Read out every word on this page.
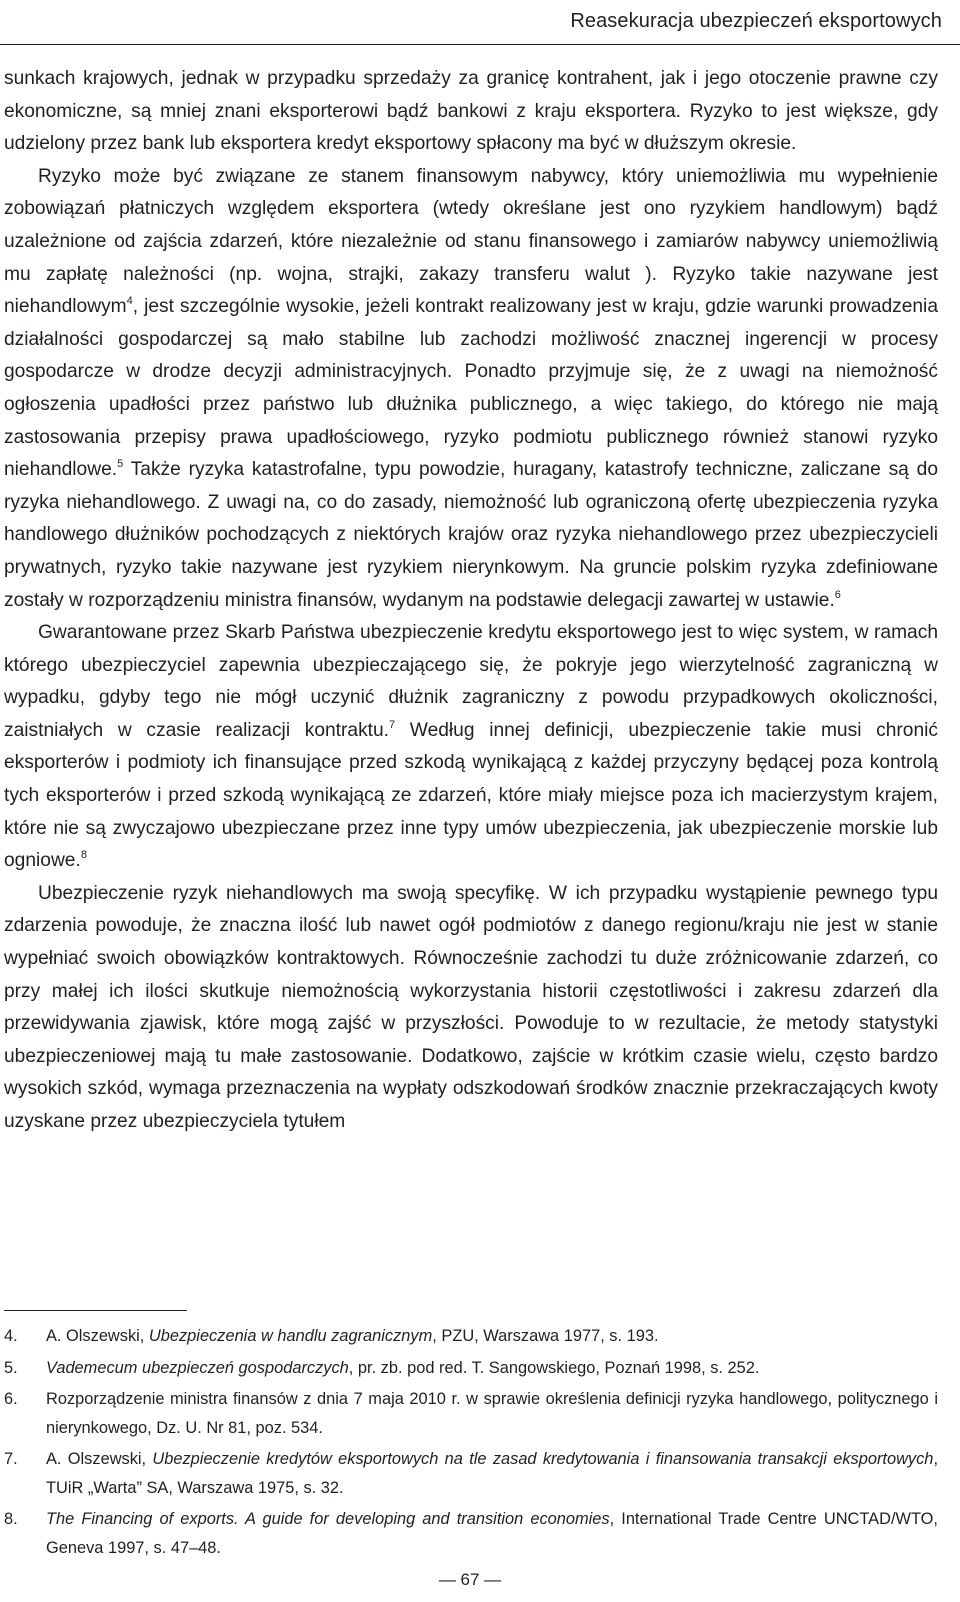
Reasekuracja ubezpieczeń eksportowych

sunkach krajowych, jednak w przypadku sprzedaży za granicę kontrahent, jak i jego otoczenie prawne czy ekonomiczne, są mniej znani eksporterowi bądź bankowi z kraju eksportera. Ryzyko to jest większe, gdy udzielony przez bank lub eksportera kredyt eksportowy spłacony ma być w dłuższym okresie.

Ryzyko może być związane ze stanem finansowym nabywcy, który uniemożliwia mu wypełnienie zobowiązań płatniczych względem eksportera (wtedy określane jest ono ryzykiem handlowym) bądź uzależnione od zajścia zdarzeń, które niezależnie od stanu finansowego i zamiarów nabywcy uniemożliwią mu zapłatę należności (np. wojna, strajki, zakazy transferu walut ). Ryzyko takie nazywane jest niehandlowym$^4$, jest szczególnie wysokie, jeżeli kontrakt realizowany jest w kraju, gdzie warunki prowadzenia działalności gospodarczej są mało stabilne lub zachodzi możliwość znacznej ingerencji w procesy gospodarcze w drodze decyzji administracyjnych. Ponadto przyjmuje się, że z uwagi na niemożność ogłoszenia upadłości przez państwo lub dłużnika publicznego, a więc takiego, do którego nie mają zastosowania przepisy prawa upadłościowego, ryzyko podmiotu publicznego również stanowi ryzyko niehandlowe.$^5$ Także ryzyka katastrofalne, typu powodzie, huragany, katastrofy techniczne, zaliczane są do ryzyka niehandlowego. Z uwagi na, co do zasady, niemożność lub ograniczoną ofertę ubezpieczenia ryzyka handlowego dłużników pochodzących z niektórych krajów oraz ryzyka niehandlowego przez ubezpieczycieli prywatnych, ryzyko takie nazywane jest ryzykiem nierynkowym. Na gruncie polskim ryzyka zdefiniowane zostały w rozporządzeniu ministra finansów, wydanym na podstawie delegacji zawartej w ustawie.$^6$

Gwarantowane przez Skarb Państwa ubezpieczenie kredytu eksportowego jest to więc system, w ramach którego ubezpieczyciel zapewnia ubezpieczającego się, że pokryje jego wierzytelność zagraniczną w wypadku, gdyby tego nie mógł uczynić dłużnik zagraniczny z powodu przypadkowych okoliczności, zaistniałych w czasie realizacji kontraktu.$^7$ Według innej definicji, ubezpieczenie takie musi chronić eksporterów i podmioty ich finansujące przed szkodą wynikającą z każdej przyczyny będącej poza kontrolą tych eksporterów i przed szkodą wynikającą ze zdarzeń, które miały miejsce poza ich macierzystym krajem, które nie są zwyczajowo ubezpieczane przez inne typy umów ubezpieczenia, jak ubezpieczenie morskie lub ogniowe.$^8$

Ubezpieczenie ryzyk niehandlowych ma swoją specyfikę. W ich przypadku wystąpienie pewnego typu zdarzenia powoduje, że znaczna ilość lub nawet ogół podmiotów z danego regionu/kraju nie jest w stanie wypełniać swoich obowiązków kontraktowych. Równocześnie zachodzi tu duże zróżnicowanie zdarzeń, co przy małej ich ilości skutkuje niemożnością wykorzystania historii częstotliwości i zakresu zdarzeń dla przewidywania zjawisk, które mogą zajść w przyszłości. Powoduje to w rezultacie, że metody statystyki ubezpieczeniowej mają tu małe zastosowanie. Dodatkowo, zajście w krótkim czasie wielu, często bardzo wysokich szkód, wymaga przeznaczenia na wypłaty odszkodowań środków znacznie przekraczających kwoty uzyskane przez ubezpieczyciela tytułem

4.	A. Olszewski, Ubezpieczenia w handlu zagranicznym, PZU, Warszawa 1977, s. 193.
5.	Vademecum ubezpieczeń gospodarczych, pr. zb. pod red. T. Sangowskiego, Poznań 1998, s. 252.
6.	Rozporządzenie ministra finansów z dnia 7 maja 2010 r. w sprawie określenia definicji ryzyka handlowego, politycznego i nierynkowego, Dz. U. Nr 81, poz. 534.
7.	A. Olszewski, Ubezpieczenie kredytów eksportowych na tle zasad kredytowania i finansowania transakcji eksportowych, TUiR „Warta” SA, Warszawa 1975, s. 32.
8.	The Financing of exports. A guide for developing and transition economies, International Trade Centre UNCTAD/WTO, Geneva 1997, s. 47–48.
— 67 —
